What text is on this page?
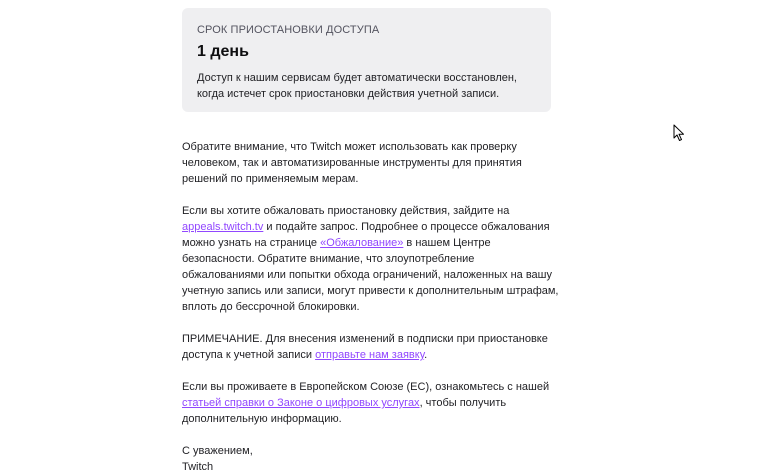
СРОК ПРИОСТАНОВКИ ДОСТУПА
1 день
Доступ к нашим сервисам будет автоматически восстановлен,
когда истечет срок приостановки действия учетной записи.

Обратите внимание, что Twitch может использовать как проверку
человеком, так и автоматизированные инструменты для принятия
решений по применяемым мерам.

Если вы хотите обжаловать приостановку действия, зайдите на
appeals.twitch.tv и подайте запрос. Подробнее о процессе обжалования
можно узнать на странице «Обжалование» в нашем Центре
безопасности. Обратите внимание, что злоупотребление
обжалованиями или попытки обхода ограничений, наложенных на вашу
учетную запись или записи, могут привести к дополнительным штрафам,
вплоть до бессрочной блокировки.

ПРИМЕЧАНИЕ. Для внесения изменений в подписки при приостановке
доступа к учетной записи отправьте нам заявку.

Если вы проживаете в Европейском Союзе (ЕС), ознакомьтесь с нашей
статьей справки о Законе о цифровых услугах, чтобы получить
дополнительную информацию.

С уважением,
Twitch
